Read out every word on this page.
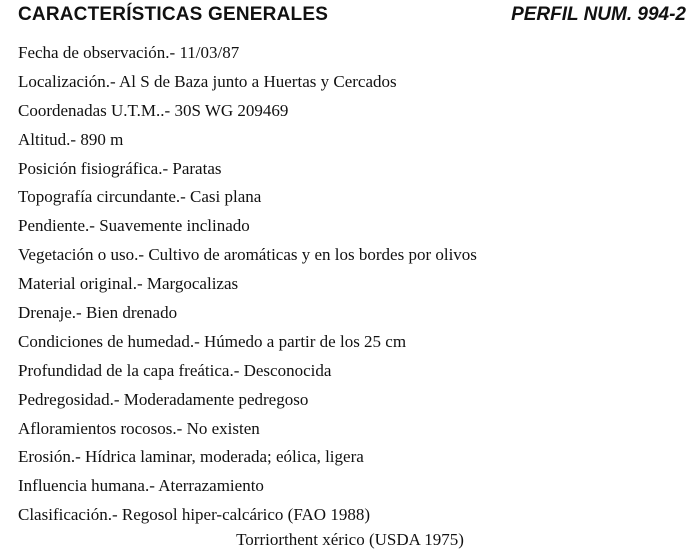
CARACTERÍSTICAS GENERALES	PERFIL NUM. 994-2
Fecha de observación.- 11/03/87
Localización.- Al S de Baza junto a Huertas y Cercados
Coordenadas U.T.M..- 30S WG 209469
Altitud.- 890 m
Posición fisiográfica.- Paratas
Topografía circundante.- Casi plana
Pendiente.- Suavemente inclinado
Vegetación o uso.- Cultivo de aromáticas y en los bordes por olivos
Material original.- Margocalizas
Drenaje.- Bien drenado
Condiciones de humedad.- Húmedo a partir de los 25 cm
Profundidad de la capa freática.- Desconocida
Pedregosidad.- Moderadamente pedregoso
Afloramientos rocosos.- No existen
Erosión.- Hídrica laminar, moderada; eólica, ligera
Influencia humana.- Aterrazamiento
Clasificación.- Regosol hiper-calcárico (FAO 1988)
Torriorthent xérico (USDA 1975)
